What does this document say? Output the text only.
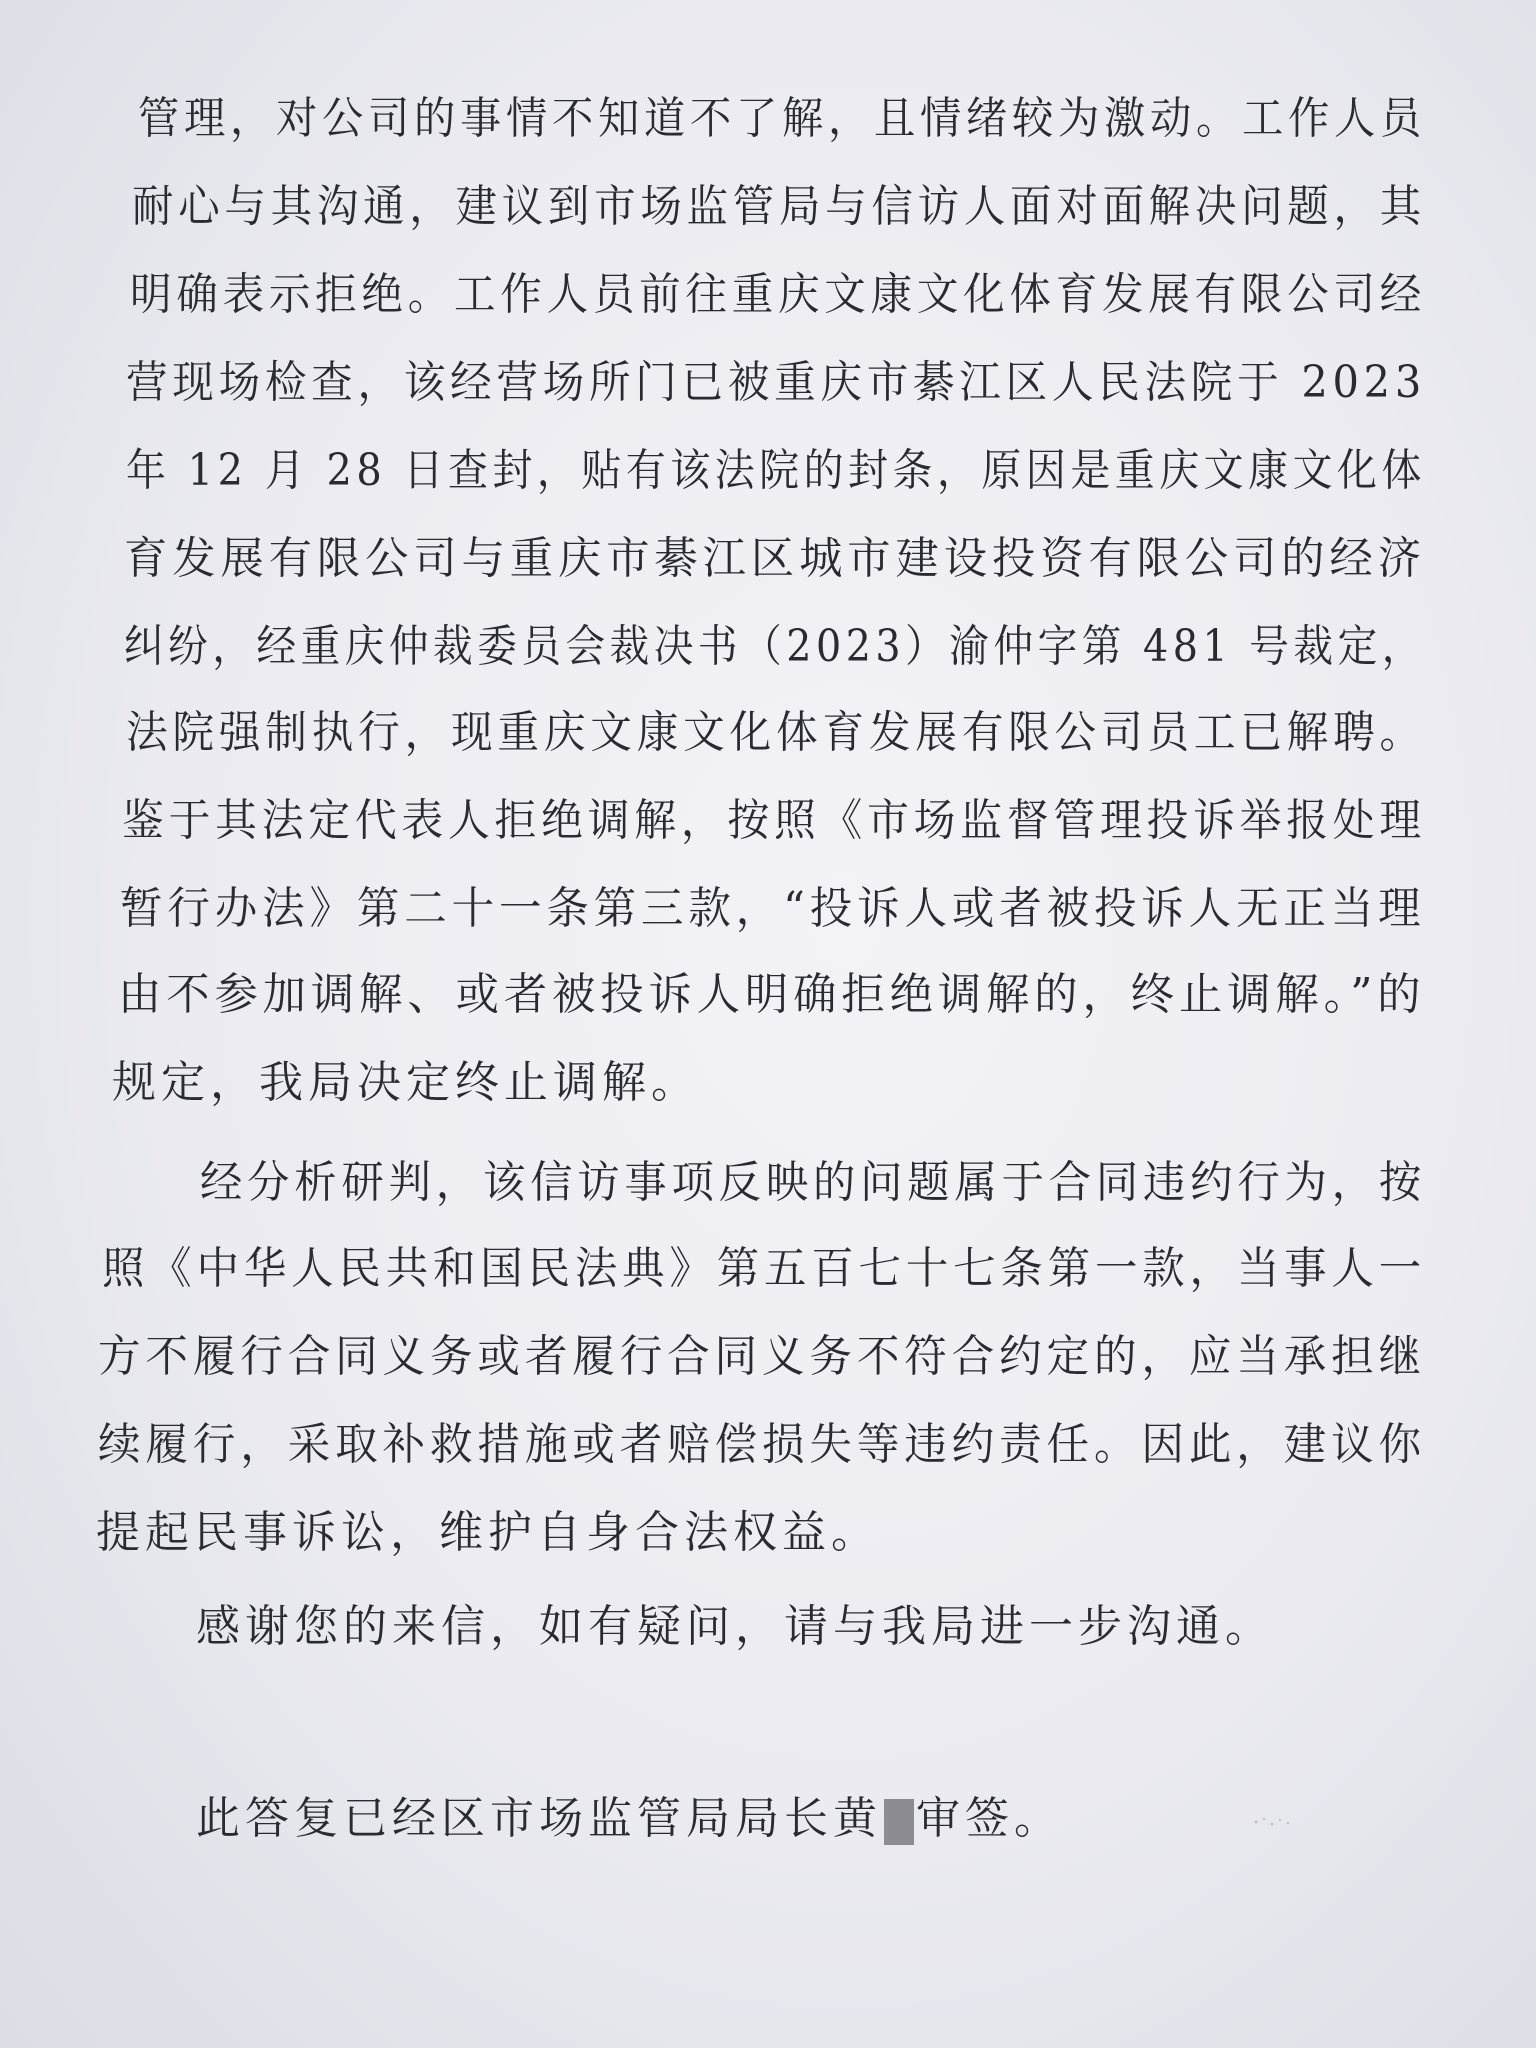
管理，对公司的事情不知道不了解，且情绪较为激动。工作人员
耐心与其沟通，建议到市场监管局与信访人面对面解决问题，其
明确表示拒绝。工作人员前往重庆文康文化体育发展有限公司经
营现场检查，该经营场所门已被重庆市綦江区人民法院于 2023
年 12 月 28 日查封，贴有该法院的封条，原因是重庆文康文化体
育发展有限公司与重庆市綦江区城市建设投资有限公司的经济
纠纷，经重庆仲裁委员会裁决书（2023）渝仲字第 481 号裁定，
法院强制执行，现重庆文康文化体育发展有限公司员工已解聘。
鉴于其法定代表人拒绝调解，按照《市场监督管理投诉举报处理
暂行办法》第二十一条第三款，“投诉人或者被投诉人无正当理
由不参加调解、或者被投诉人明确拒绝调解的，终止调解。”的
规定，我局决定终止调解。
经分析研判，该信访事项反映的问题属于合同违约行为，按
照《中华人民共和国民法典》第五百七十七条第一款，当事人一
方不履行合同义务或者履行合同义务不符合约定的，应当承担继
续履行，采取补救措施或者赔偿损失等违约责任。因此，建议你
提起民事诉讼，维护自身合法权益。
感谢您的来信，如有疑问，请与我局进一步沟通。
此答复已经区市场监管局局长黄 审签。
